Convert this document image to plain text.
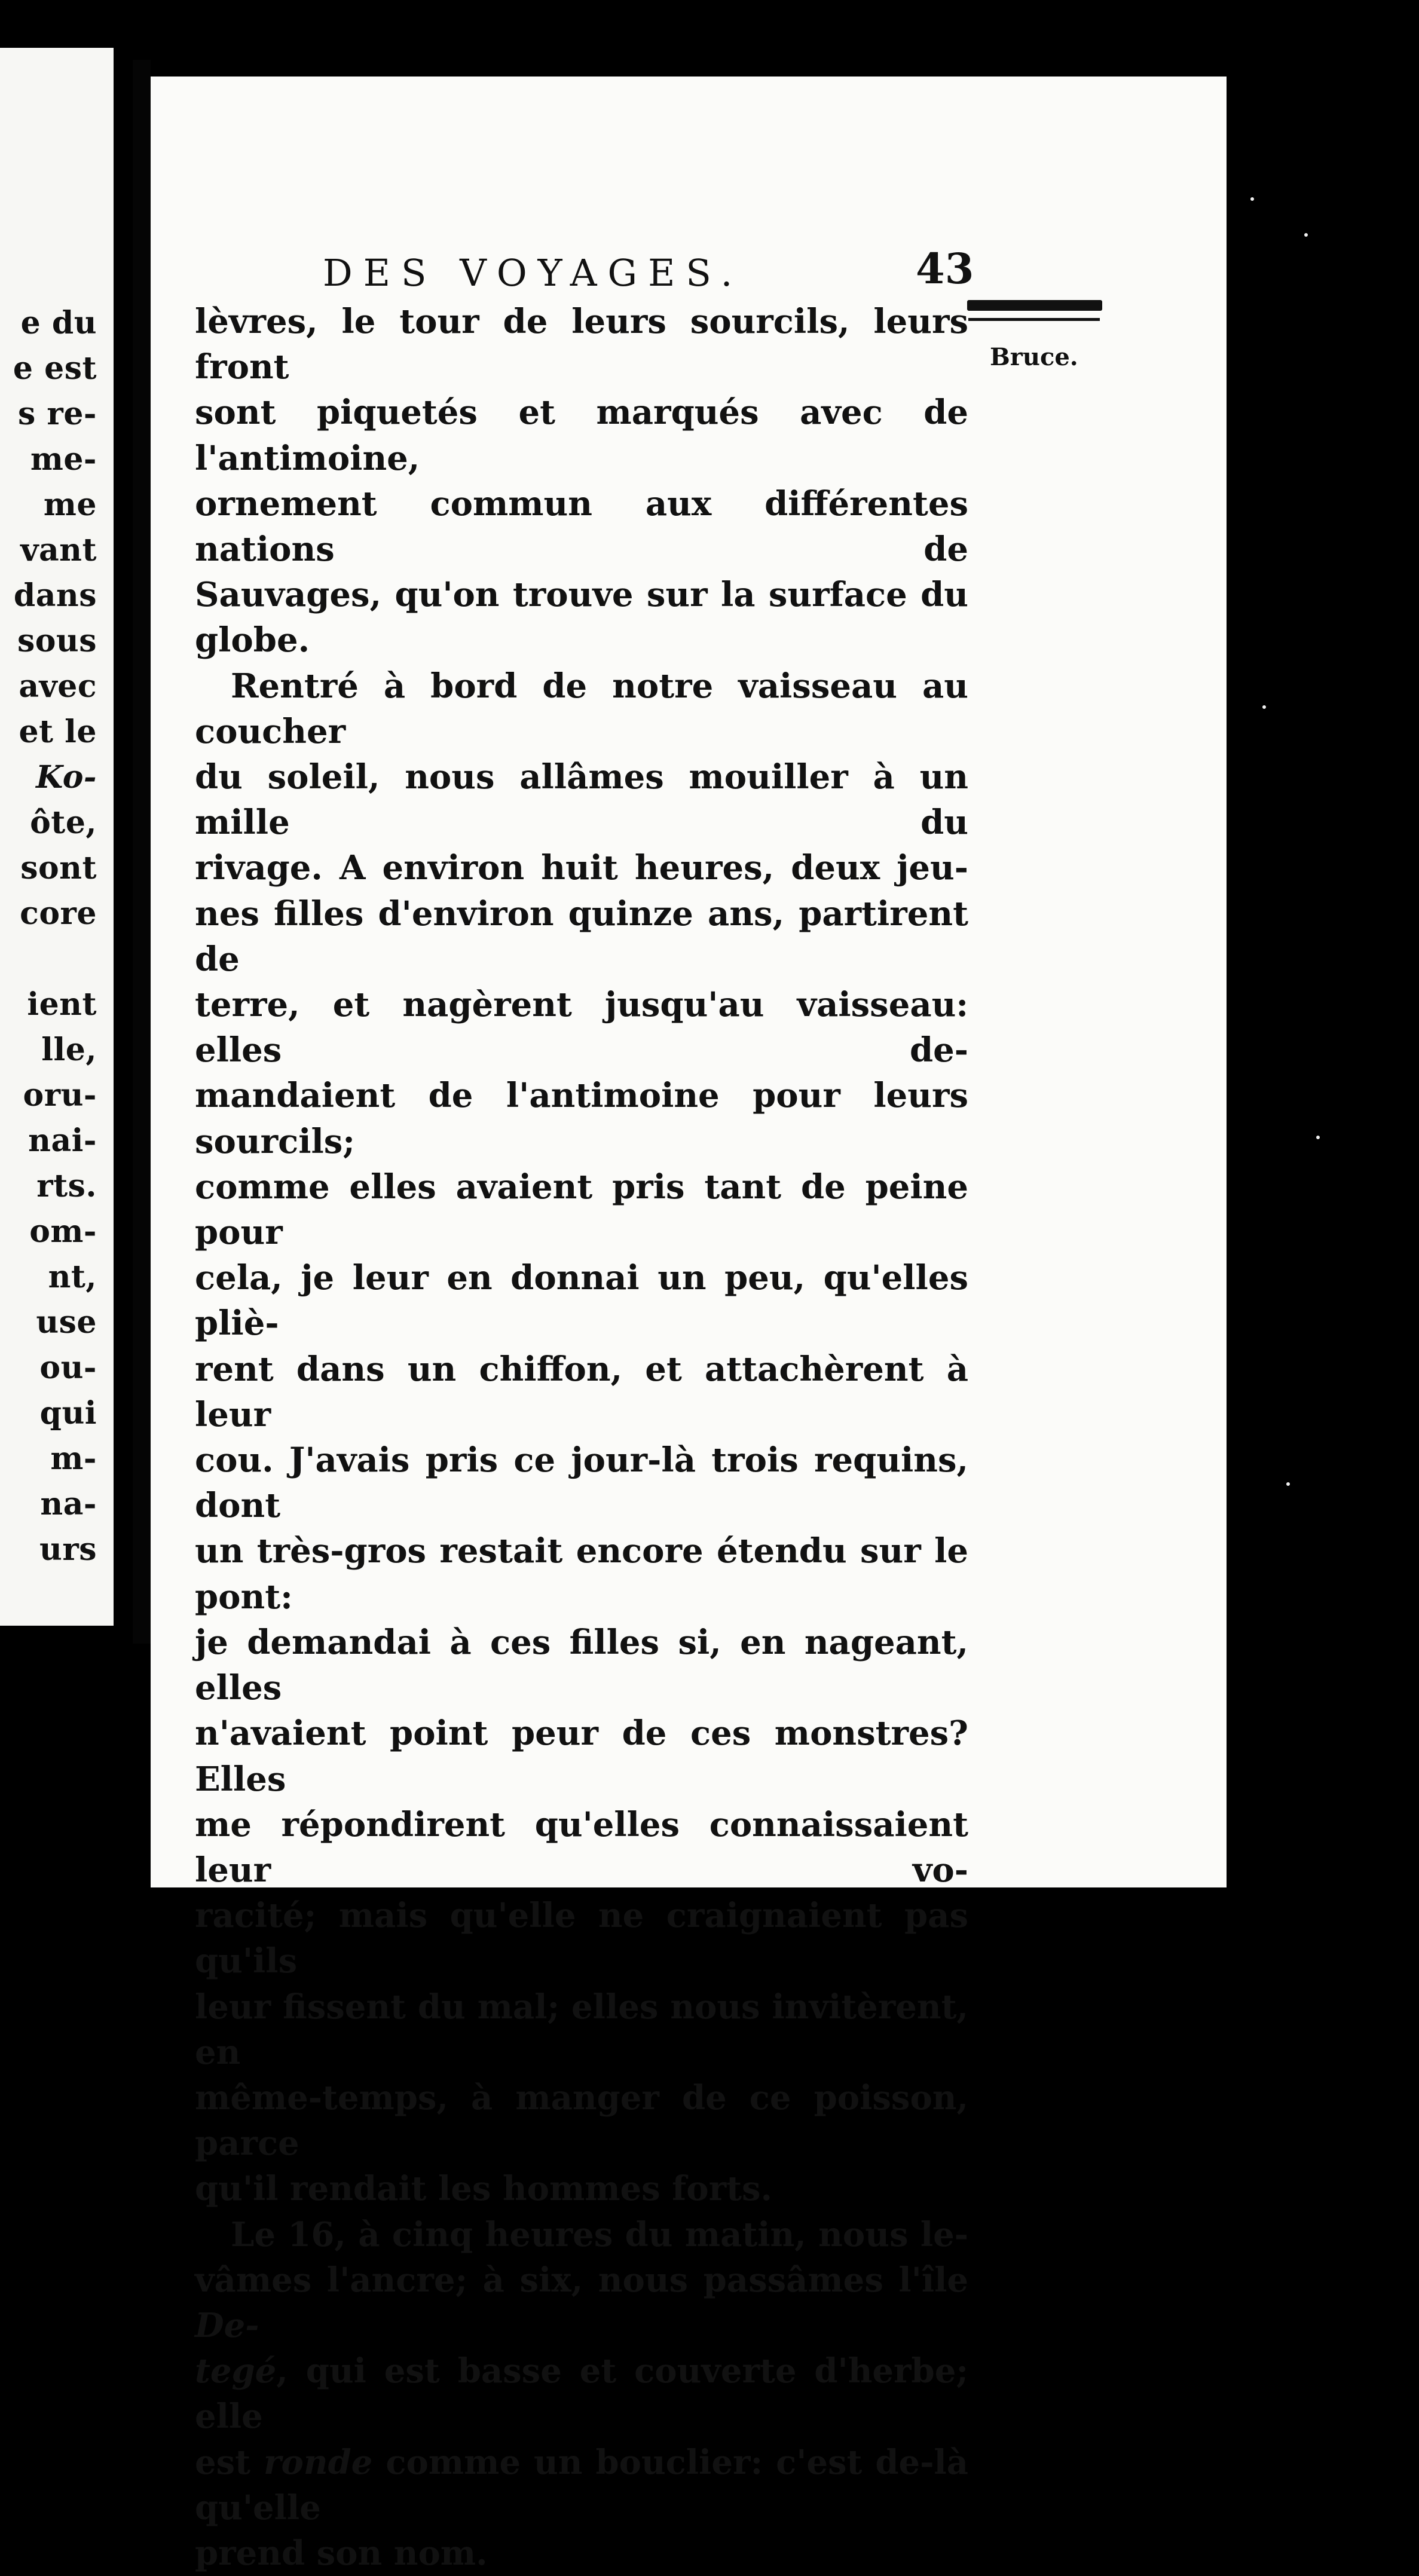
e du
e est
s re-
me-
me
vant
dans
sous
avec
et le
Ko-
ôte,
sont
core
ient
lle,
oru-
nai-
rts.
om-
nt,
use
ou-
qui
m-
na-
urs
DES VOYAGES.	43
Bruce.

lèvres, le tour de leurs sourcils, leurs front

sont piquetés et marqués avec de l'antimoine,

ornement commun aux différentes nations de

Sauvages, qu'on trouve sur la surface du

globe.

Rentré à bord de notre vaisseau au coucher

du soleil, nous allâmes mouiller à un mille du

rivage. A environ huit heures, deux jeu-

nes filles d'environ quinze ans, partirent de

terre, et nagèrent jusqu'au vaisseau: elles de-

mandaient de l'antimoine pour leurs sourcils;

comme elles avaient pris tant de peine pour

cela, je leur en donnai un peu, qu'elles pliè-

rent dans un chiffon, et attachèrent à leur

cou. J'avais pris ce jour-là trois requins, dont

un très-gros restait encore étendu sur le pont:

je demandai à ces filles si, en nageant, elles

n'avaient point peur de ces monstres? Elles

me répondirent qu'elles connaissaient leur vo-

racité; mais qu'elle ne craignaient pas qu'ils

leur fissent du mal; elles nous invitèrent, en

même-temps, à manger de ce poisson, parce

qu'il rendait les hommes forts.

Le 16, à cinq heures du matin, nous le-

vâmes l'ancre; à six, nous passâmes l'île De-

tegé, qui est basse et couverte d'herbe; elle

est ronde comme un bouclier: c'est de-là qu'elle

prend son nom.
